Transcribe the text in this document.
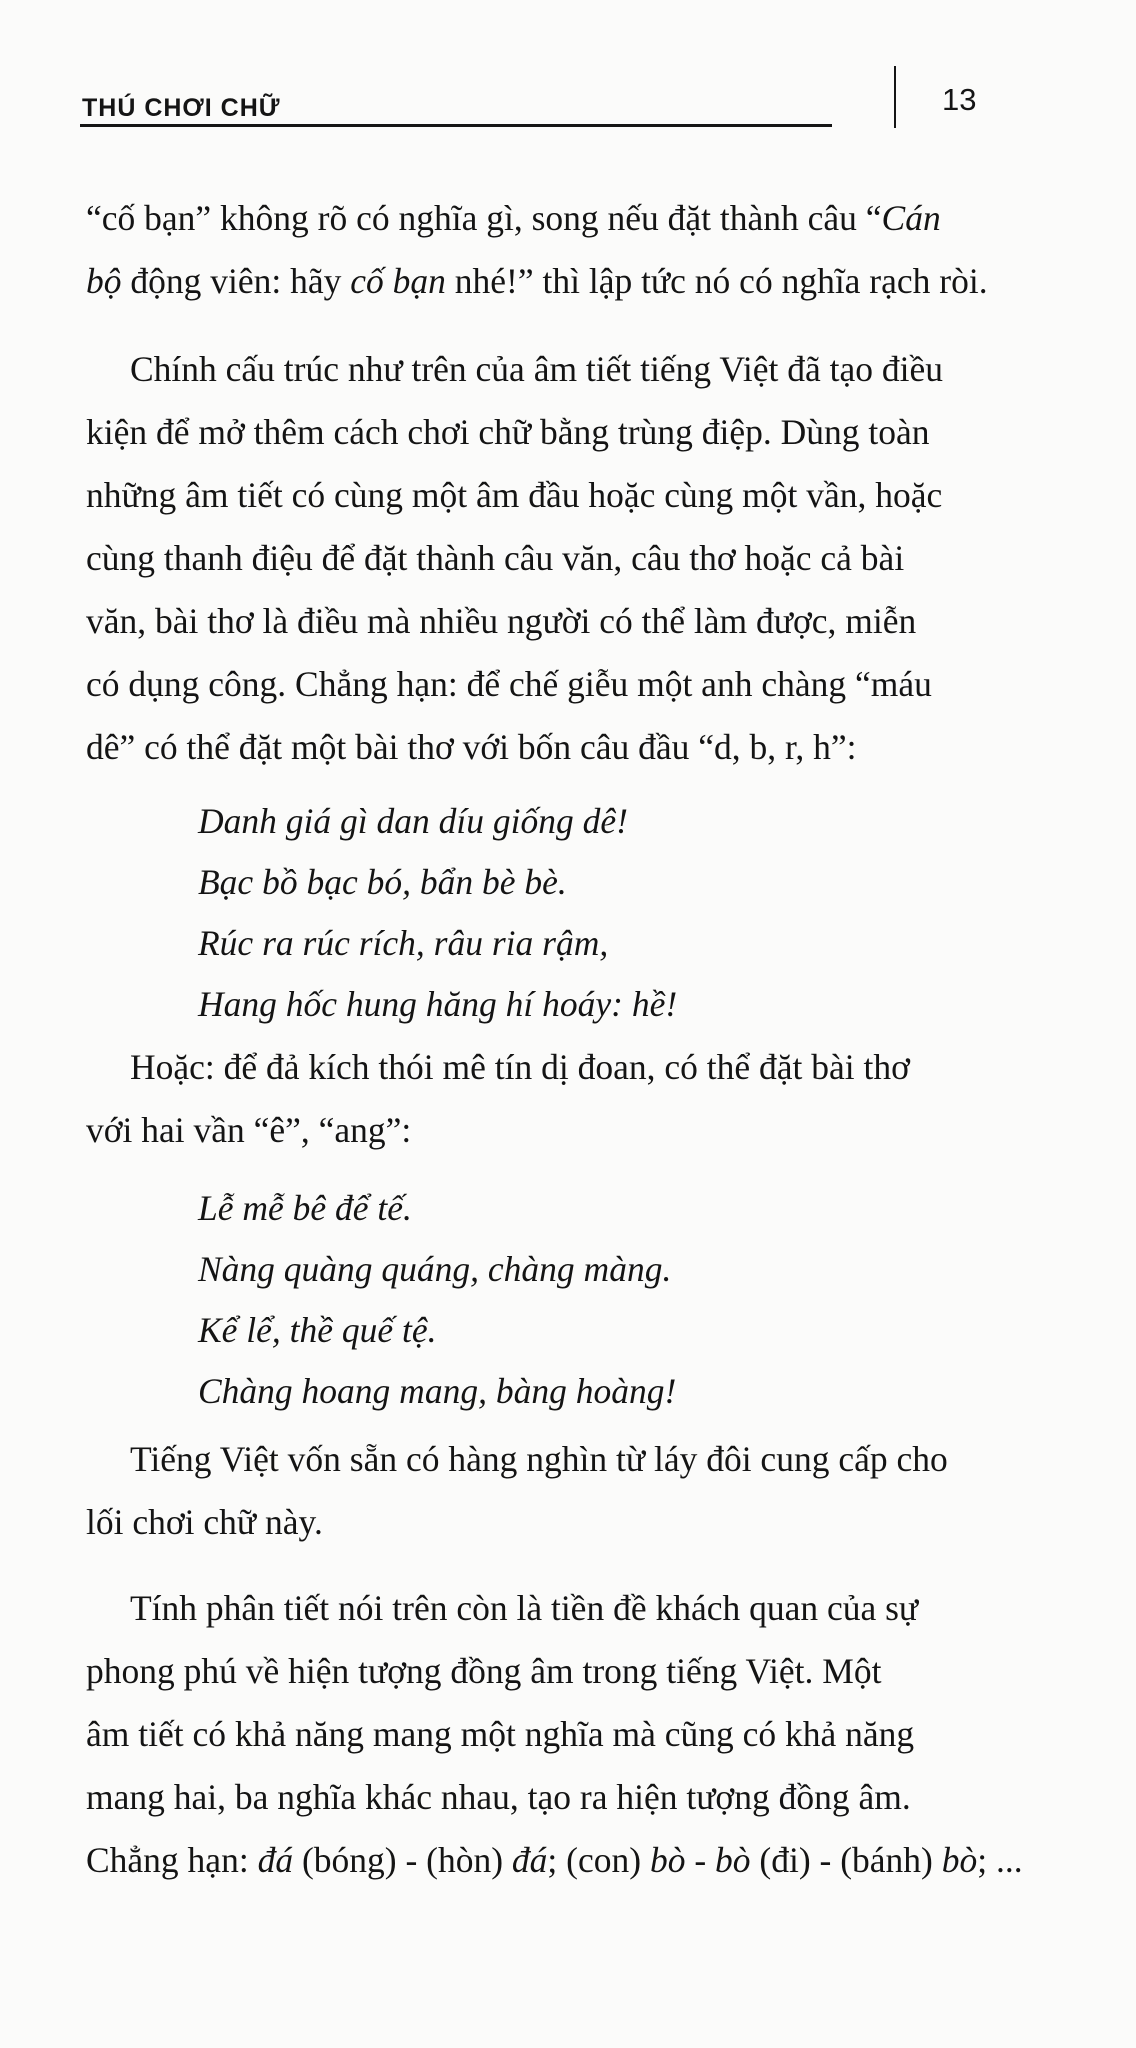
THÚ CHƠI CHỮ	13
“cố bạn” không rõ có nghĩa gì, song nếu đặt thành câu “Cán
bộ động viên: hãy cố bạn nhé!” thì lập tức nó có nghĩa rạch ròi.
Chính cấu trúc như trên của âm tiết tiếng Việt đã tạo điều
kiện để mở thêm cách chơi chữ bằng trùng điệp. Dùng toàn
những âm tiết có cùng một âm đầu hoặc cùng một vần, hoặc
cùng thanh điệu để đặt thành câu văn, câu thơ hoặc cả bài
văn, bài thơ là điều mà nhiều người có thể làm được, miễn
có dụng công. Chẳng hạn: để chế giễu một anh chàng “máu
dê” có thể đặt một bài thơ với bốn câu đầu “d, b, r, h”:
Danh giá gì dan díu giống dê!
Bạc bồ bạc bó, bẩn bè bè.
Rúc ra rúc rích, râu ria rậm,
Hang hốc hung hăng hí hoáy: hề!
Hoặc: để đả kích thói mê tín dị đoan, có thể đặt bài thơ
với hai vần “ê”, “ang”:
Lễ mễ bê để tế.
Nàng quàng quáng, chàng màng.
Kể lể, thề quế tệ.
Chàng hoang mang, bàng hoàng!
Tiếng Việt vốn sẵn có hàng nghìn từ láy đôi cung cấp cho
lối chơi chữ này.
Tính phân tiết nói trên còn là tiền đề khách quan của sự
phong phú về hiện tượng đồng âm trong tiếng Việt. Một
âm tiết có khả năng mang một nghĩa mà cũng có khả năng
mang hai, ba nghĩa khác nhau, tạo ra hiện tượng đồng âm.
Chẳng hạn: đá (bóng) - (hòn) đá; (con) bò - bò (đi) - (bánh) bò; ...
